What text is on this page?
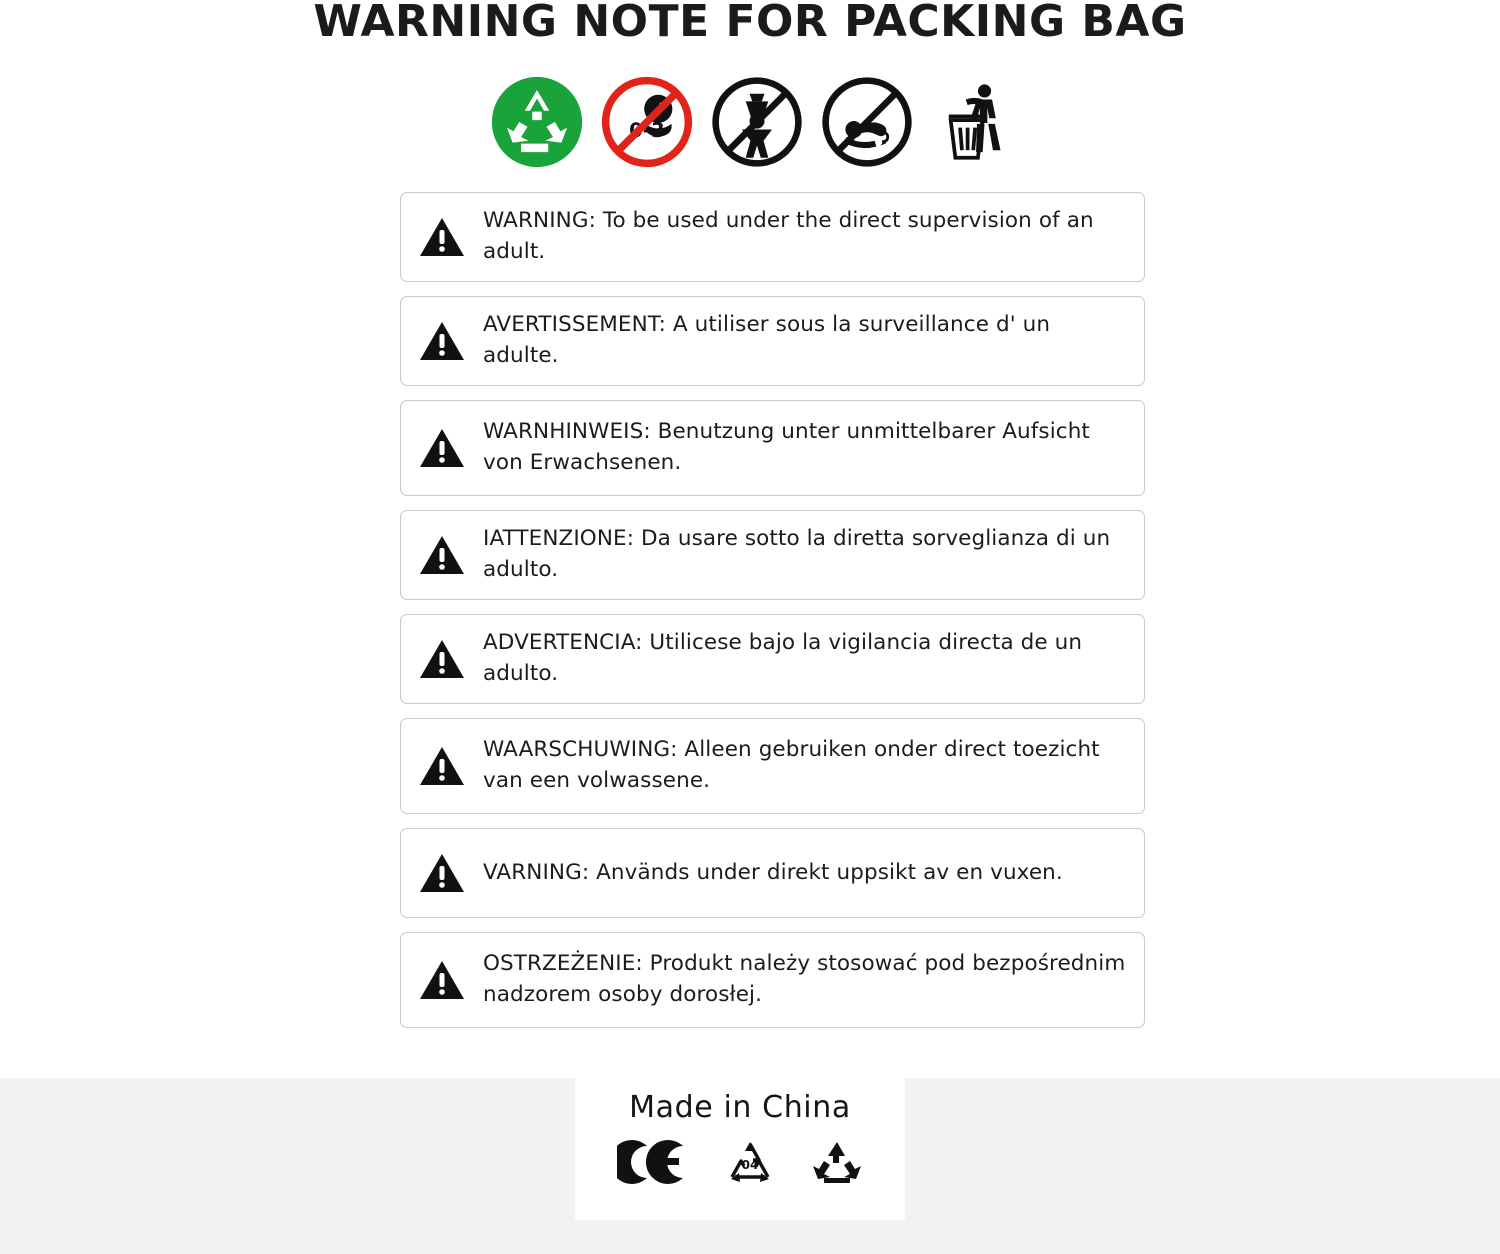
WARNING NOTE FOR PACKING BAG
0-3
WARNING: To be used under the direct supervision of an adult.
AVERTISSEMENT: A utiliser sous la surveillance d' un adulte.
WARNHINWEIS: Benutzung unter unmittelbarer Aufsicht von Erwachsenen.
IATTENZIONE: Da usare sotto la diretta sorveglianza di un adulto.
ADVERTENCIA: Utilicese bajo la vigilancia directa de un adulto.
WAARSCHUWING: Alleen gebruiken onder direct toezicht van een volwassene.
VARNING: Används under direkt uppsikt av en vuxen.
OSTRZEŻENIE: Produkt należy stosować pod bezpośrednim nadzorem osoby dorosłej.
Made in China
04
